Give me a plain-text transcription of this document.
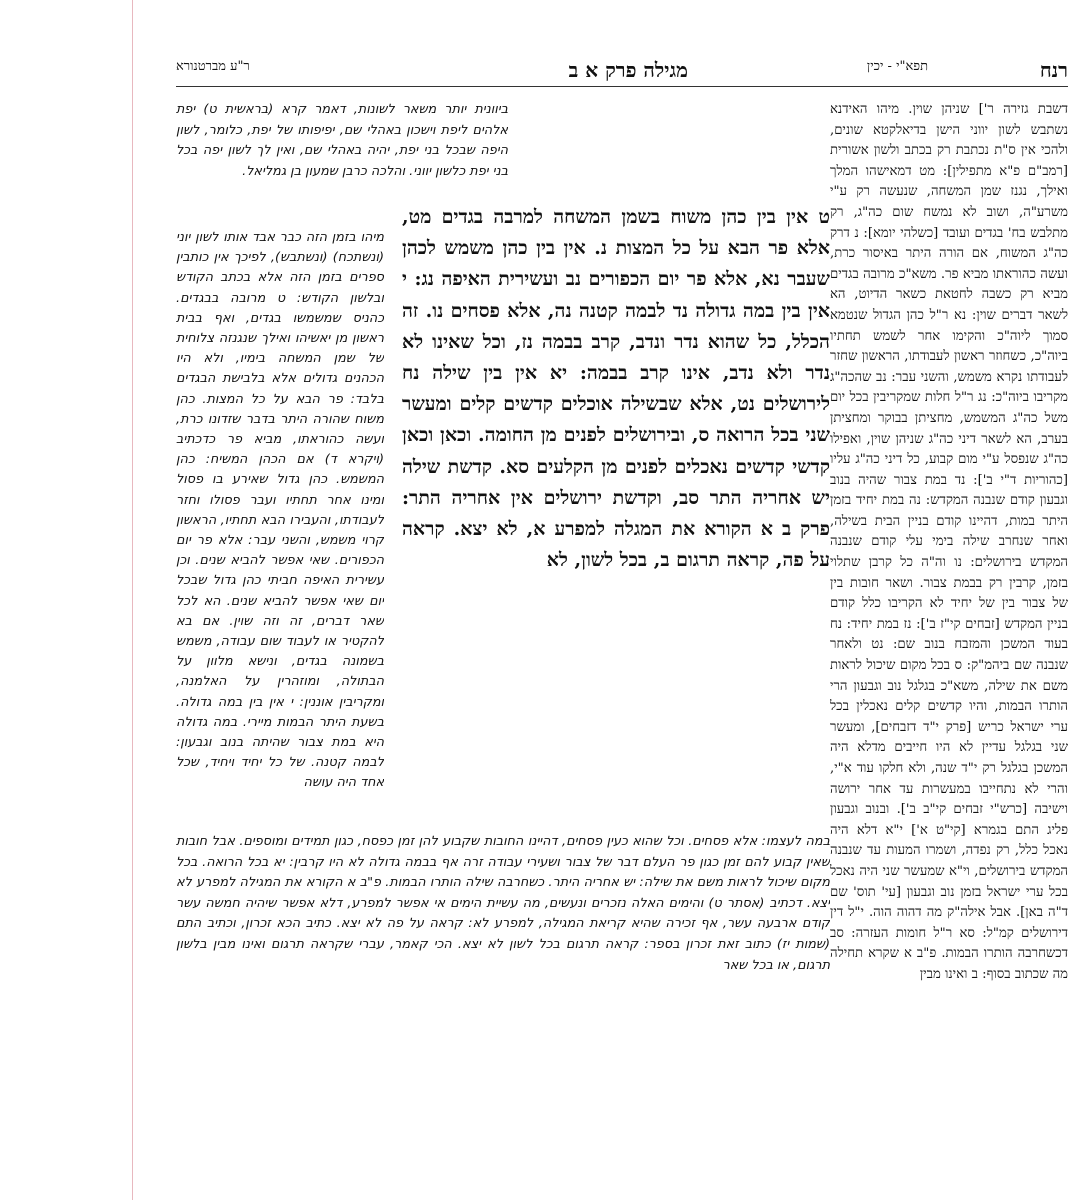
רנח
תפא"י - יכין
מגילה פרק א ב
ר"ע מברטנורא

דשבת גזירה ר'] שניהן שוין. מיהו האידנא נשתבש לשון יווני הישן בדיאלקטא שונים, ולהכי אין ס"ת נכתבת רק בכתב ולשון אשורית [רמב"ם פ"א מתפילין]: מט דמאישהו המלך ואילך, נגנז שמן המשחה, שנעשה רק ע"י משרע"ה, ושוב לא נמשח שום כה"ג, רק מתלבש בח' בגדים ועובד [כשלהי יומא]: נ דרק כה"ג המשוח, אם הורה היתר באיסור כרת, ועשה כהוראתו מביא פר. משא"כ מרובה בגדים מביא רק כשבה לחטאת כשאר הדיוט, הא לשאר דברים שוין: נא ר"ל כהן הגדול שנטמא סמוך ליוה"כ והקימו אחר לשמש תחתיו ביוה"כ, כשחוזר ראשון לעבודתו, הראשון שחזר לעבודתו נקרא משמש, והשני עבר: נב שהכה"ג מקריבו ביוה"כ: נג ר"ל חלות שמקריבין בכל יום משל כה"ג המשמש, מחציתן בבוקר ומחציתן בערב, הא לשאר דיני כה"ג שניהן שוין, ואפילו כה"ג שנפסל ע"י מום קבוע, כל דיני כה"ג עליו [כהוריות ד"י ב']: נד במת צבור שהיה בנוב וגבעון קודם שנבנה המקדש: נה במת יחיד בזמן היתר במות, דהיינו קודם בניין הבית בשילה, ואחר שנחרב שילה בימי עלי קודם שנבנה המקדש בירושלים: נו וה"ה כל קרבן שתלוי בזמן, קרבין רק בבמת צבור. ושאר חובות בין של צבור בין של יחיד לא הקריבו כלל קודם בניין המקדש [זבחים קי"ז ב']: נז במת יחיד: נח בעוד המשכן והמזבח בנוב שם: נט ולאחר שנבנה שם ביהמ"ק: ס בכל מקום שיכול לראות משם את שילה, משא"כ בגלגל נוב וגבעון הרי הותרו הבמות, והיו קדשים קלים נאכלין בכל ערי ישראל כריש [פרק י"ד דזבחים], ומעשר שני בגלגל עדיין לא היו חייבים מדלא היה המשכן בגלגל רק י"ד שנה, ולא חלקו עוד א"י, והרי לא נתחייבו במעשרות עד אחר ירושה וישיבה [כרש"י זבחים קי"ב ב']. ובנוב וגבעון פליג התם בגמרא [קי"ט א'] י"א דלא היה נאכל כלל, רק נפדה, ושמרו המעות עד שנבנה המקדש בירושלים, וי"א שמעשר שני היה נאכל בכל ערי ישראל בזמן נוב וגבעון [עי' תוס' שם ד"ה באן]. אבל אילה"ק מה דהוה הוה. י"ל דין דירושלים קמ"ל: סא ר"ל חומות העזרה: סב דכשחרבה הותרו הבמות. פ"ב א שקרא תחילה מה שכתוב בסוף: ב ואינו מבין

ט אין בין כהן משוח בשמן המשחה למרבה בגדים מט, אלא פר הבא על כל המצות נ. אין בין כהן משמש לכהן שעבר נא, אלא פר יום הכפורים נב ועשירית האיפה נג: י אין בין במה גדולה נד לבמה קטנה נה, אלא פסחים נו. זה הכלל, כל שהוא נדר ונדב, קרב בבמה נז, וכל שאינו לא נדר ולא נדב, אינו קרב בבמה: יא אין בין שילה נח לירושלים נט, אלא שבשילה אוכלים קדשים קלים ומעשר שני בכל הרואה ס, ובירושלים לפנים מן החומה. וכאן וכאן קדשי קדשים נאכלים לפנים מן הקלעים סא. קדשת שילה יש אחריה התר סב, וקדשת ירושלים אין אחריה התר: פרק ב א הקורא את המגלה למפרע א, לא יצא. קראה על פה, קראה תרגום ב, בכל לשון, לא

ביוונית יותר משאר לשונות, דאמר קרא (בראשית ט) יפת אלהים ליפת וישכון באהלי שם, יפיפותו של יפת, כלומר, לשון היפה שבכל בני יפת, יהיה באהלי שם, ואין לך לשון יפה בכל בני יפת כלשון יווני. והלכה כרבן שמעון בן גמליאל.

מיהו בזמן הזה כבר אבד אותו לשון יוני (ונשתכח) (ונשתבש), לפיכך אין כותבין ספרים בזמן הזה אלא בכתב הקודש ובלשון הקודש: ט מרובה בבגדים. כהניס שמשמשו בגדים, ואף בבית ראשון מן יאשיהו ואילך שנגנזה צלוחית של שמן המשחה בימיו, ולא היו הכהנים גדולים אלא בלבישת הבגדים בלבד: פר הבא על כל המצות. כהן משוח שהורה היתר בדבר שזדונו כרת, ועשה כהוראתו, מביא פר כדכתיב (ויקרא ד) אם הכהן המשיח: כהן המשמש. כהן גדול שאירע בו פסול ומינו אחר תחתיו ועבר פסולו וחזר לעבודתו, והעבירו הבא תחתיו, הראשון קרוי משמש, והשני עבר: אלא פר יום הכפורים. שאי אפשר להביא שנים. וכן עשירית האיפה חביתי כהן גדול שבכל יום שאי אפשר להביא שנים. הא לכל שאר דברים, זה וזה שוין. אם בא להקטיר או לעבוד שום עבודה, משמש בשמונה בגדים, ונישא מלוון על הבתולה, ומוזהרין על האלמנה, ומקריבין אוננין: י אין בין במה גדולה. בשעת היתר הבמות מיירי. במה גדולה היא במת צבור שהיתה בנוב וגבעון: לבמה קטנה. של כל יחיד ויחיד, שכל אחד היה עושה

במה לעצמו: אלא פסחים. וכל שהוא כעין פסחים, דהיינו החובות שקבוע להן זמן כפסח, כגון תמידים ומוספים. אבל חובות שאין קבוע להם זמן כגון פר העלם דבר של צבור ושעירי עבודה זרה אף בבמה גדולה לא היו קרבין: יא בכל הרואה. בכל מקום שיכול לראות משם את שילה: יש אחריה היתר. כשחרבה שילה הותרו הבמות. פ"ב א הקורא את המגילה למפרע לא יצא. דכתיב (אסתר ט) והימים האלה נזכרים ונעשים, מה עשיית הימים אי אפשר למפרע, דלא אפשר שיהיה חמשה עשר קודם ארבעה עשר, אף זכירה שהיא קריאת המגילה, למפרע לא: קראה על פה לא יצא. כתיב הכא זכרון, וכתיב התם (שמות יז) כתוב זאת זכרון בספר: קראה תרגום בכל לשון לא יצא. הכי קאמר, עברי שקראה תרגום ואינו מבין בלשון תרגום, או בכל שאר
